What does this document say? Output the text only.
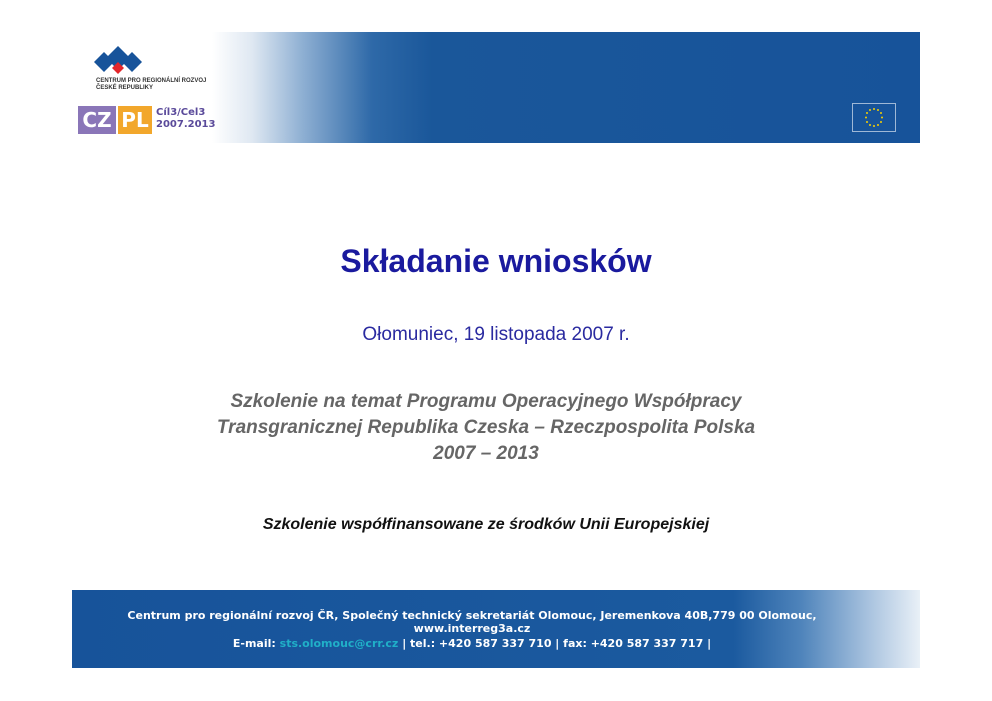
CENTRUM PRO REGIONÁLNÍ ROZVOJ
ČESKÉ REPUBLIKY
CZ PL Cíl3/Cel3
2007.2013
Składanie wniosków
Ołomuniec, 19 listopada 2007 r.
Szkolenie na temat Programu Operacyjnego Współpracy
Transgranicznej Republika Czeska – Rzeczpospolita Polska
2007 – 2013
Szkolenie współfinansowane ze środków Unii Europejskiej
Centrum pro regionální rozvoj ČR, Společný technický sekretariát Olomouc, Jeremenkova 40B,779 00 Olomouc, www.interreg3a.cz
E-mail: sts.olomouc@crr.cz | tel.: +420 587 337 710 | fax: +420 587 337 717 |
